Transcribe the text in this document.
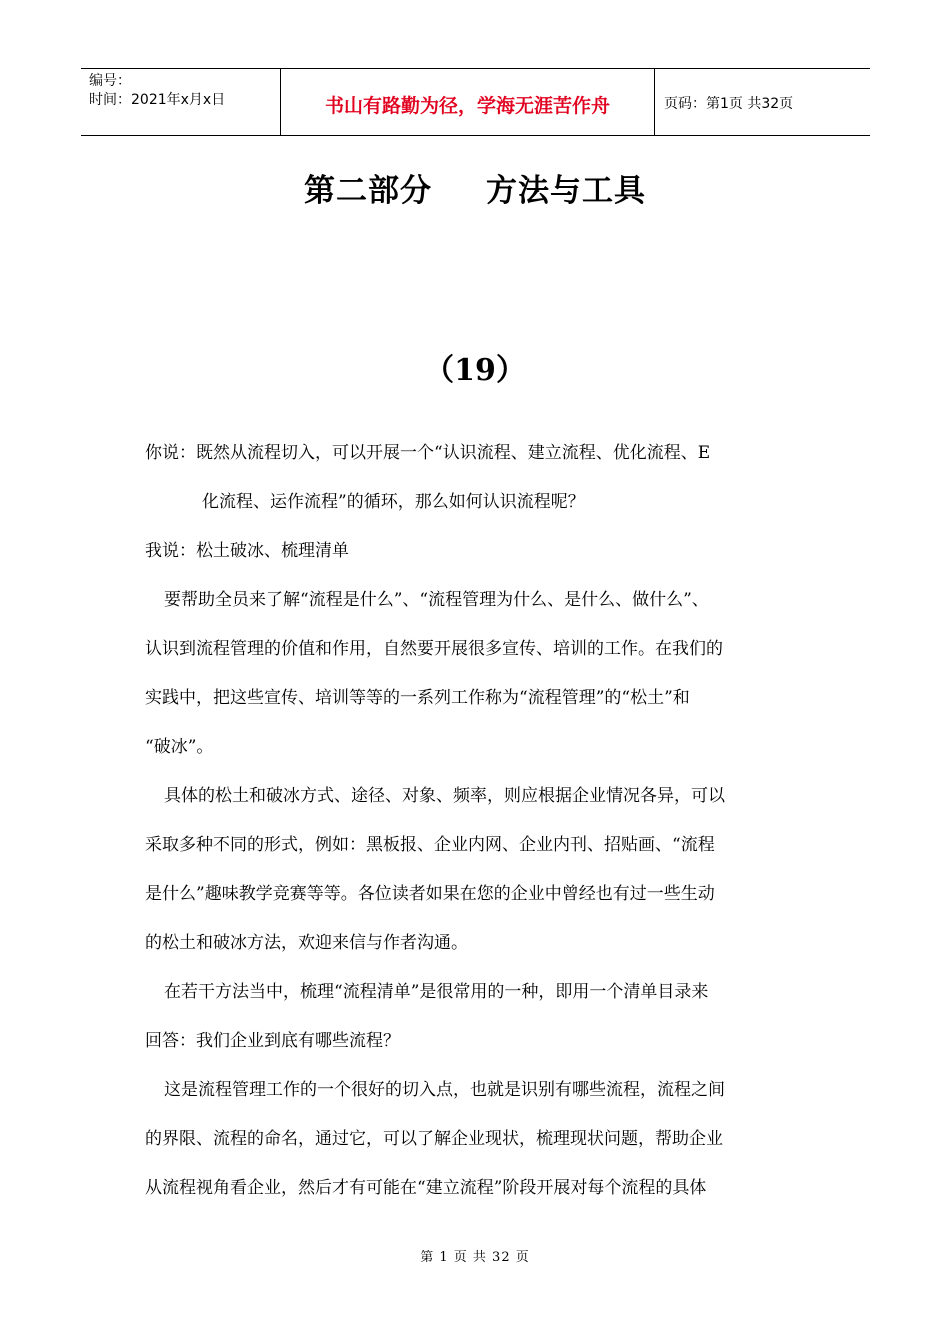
编号：
时间：2021年x月x日	书山有路勤为径，学海无涯苦作舟	页码：第1页 共32页
第二部分 方法与工具
（19）
你说：既然从流程切入，可以开展一个“认识流程、建立流程、优化流程、E
化流程、运作流程”的循环，那么如何认识流程呢？
我说：松土破冰、梳理清单
要帮助全员来了解“流程是什么”、“流程管理为什么、是什么、做什么”、
认识到流程管理的价值和作用，自然要开展很多宣传、培训的工作。在我们的
实践中，把这些宣传、培训等等的一系列工作称为“流程管理”的“松土”和
“破冰”。
具体的松土和破冰方式、途径、对象、频率，则应根据企业情况各异，可以
采取多种不同的形式，例如：黑板报、企业内网、企业内刊、招贴画、“流程
是什么”趣味教学竞赛等等。各位读者如果在您的企业中曾经也有过一些生动
的松土和破冰方法，欢迎来信与作者沟通。
在若干方法当中，梳理“流程清单”是很常用的一种，即用一个清单目录来
回答：我们企业到底有哪些流程？
这是流程管理工作的一个很好的切入点，也就是识别有哪些流程，流程之间
的界限、流程的命名，通过它，可以了解企业现状，梳理现状问题，帮助企业
从流程视角看企业，然后才有可能在“建立流程”阶段开展对每个流程的具体
第 1 页 共 32 页
